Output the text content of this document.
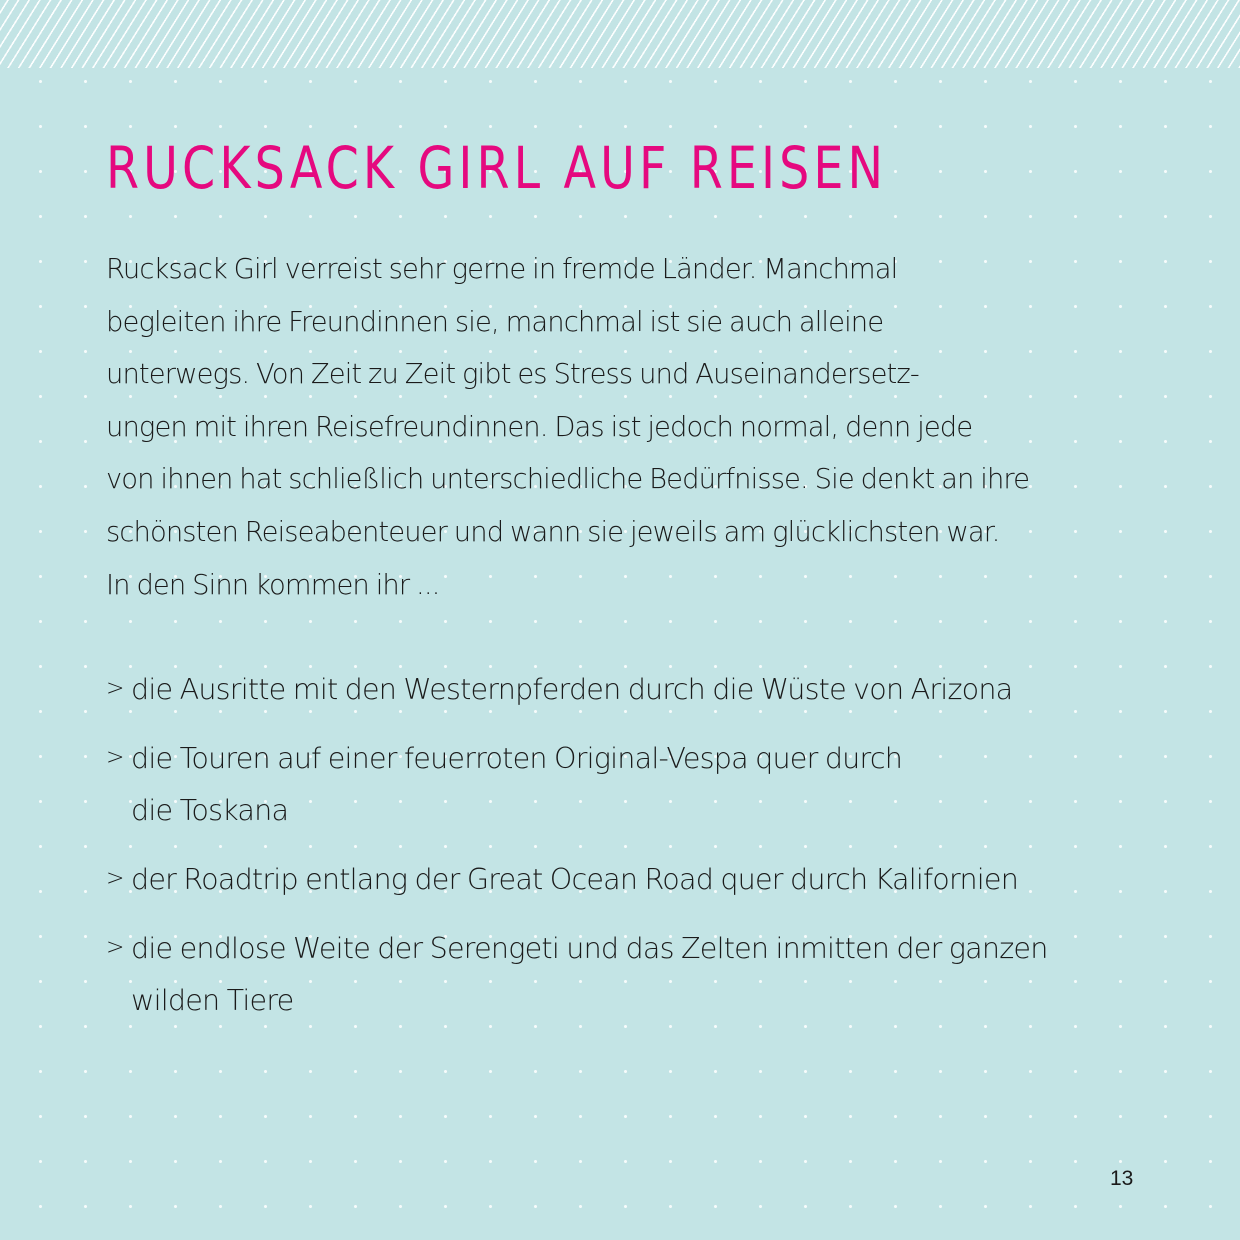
RUCKSACK GIRL AUF REISEN
Rucksack Girl verreist sehr gerne in fremde Länder. Manchmal
begleiten ihre Freundinnen sie, manchmal ist sie auch alleine
unterwegs. Von Zeit zu Zeit gibt es Stress und Auseinandersetz-
ungen mit ihren Reisefreundinnen. Das ist jedoch normal, denn jede
von ihnen hat schließlich unterschiedliche Bedürfnisse. Sie denkt an ihre
schönsten Reiseabenteuer und wann sie jeweils am glücklichsten war.
In den Sinn kommen ihr ...
> die Ausritte mit den Westernpferden durch die Wüste von Arizona
> die Touren auf einer feuerroten Original-Vespa quer durch
die Toskana
> der Roadtrip entlang der Great Ocean Road quer durch Kalifornien
> die endlose Weite der Serengeti und das Zelten inmitten der ganzen
wilden Tiere
13
